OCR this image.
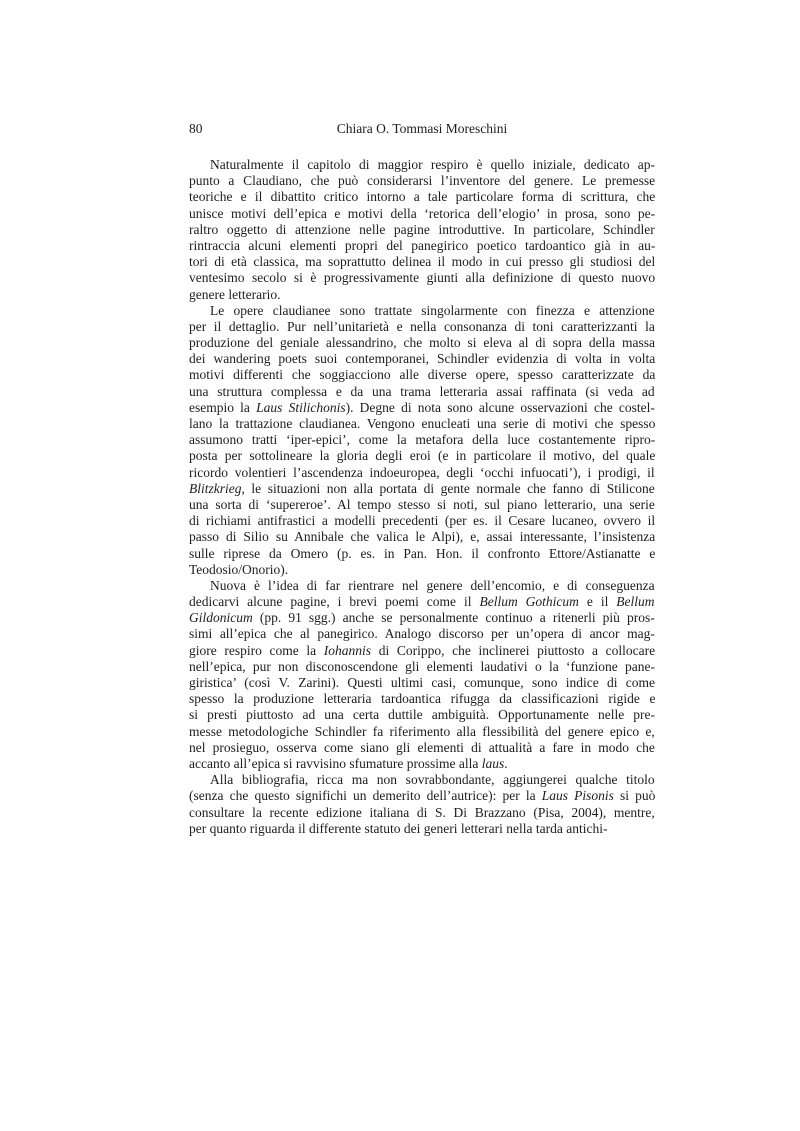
80	Chiara O. Tommasi Moreschini
Naturalmente il capitolo di maggior respiro è quello iniziale, dedicato ap-
punto a Claudiano, che può considerarsi l’inventore del genere. Le premesse
teoriche e il dibattito critico intorno a tale particolare forma di scrittura, che
unisce motivi dell’epica e motivi della ‘retorica dell’elogio’ in prosa, sono pe-
raltro oggetto di attenzione nelle pagine introduttive. In particolare, Schindler
rintraccia alcuni elementi propri del panegirico poetico tardoantico già in au-
tori di età classica, ma soprattutto delinea il modo in cui presso gli studiosi del
ventesimo secolo si è progressivamente giunti alla definizione di questo nuovo
genere letterario.
Le opere claudianee sono trattate singolarmente con finezza e attenzione
per il dettaglio. Pur nell’unitarietà e nella consonanza di toni caratterizzanti la
produzione del geniale alessandrino, che molto si eleva al di sopra della massa
dei wandering poets suoi contemporanei, Schindler evidenzia di volta in volta
motivi differenti che soggiacciono alle diverse opere, spesso caratterizzate da
una struttura complessa e da una trama letteraria assai raffinata (si veda ad
esempio la Laus Stilichonis). Degne di nota sono alcune osservazioni che costel-
lano la trattazione claudianea. Vengono enucleati una serie di motivi che spesso
assumono tratti ‘iper-epici’, come la metafora della luce costantemente ripro-
posta per sottolineare la gloria degli eroi (e in particolare il motivo, del quale
ricordo volentieri l’ascendenza indoeuropea, degli ‘occhi infuocati’), i prodigi, il
Blitzkrieg, le situazioni non alla portata di gente normale che fanno di Stilicone
una sorta di ‘supereroe’. Al tempo stesso si noti, sul piano letterario, una serie
di richiami antifrastici a modelli precedenti (per es. il Cesare lucaneo, ovvero il
passo di Silio su Annibale che valica le Alpi), e, assai interessante, l’insistenza
sulle riprese da Omero (p. es. in Pan. Hon. il confronto Ettore/Astianatte e
Teodosio/Onorio).
Nuova è l’idea di far rientrare nel genere dell’encomio, e di conseguenza
dedicarvi alcune pagine, i brevi poemi come il Bellum Gothicum e il Bellum
Gildonicum (pp. 91 sgg.) anche se personalmente continuo a ritenerli più pros-
simi all’epica che al panegirico. Analogo discorso per un’opera di ancor mag-
giore respiro come la Iohannis di Corippo, che inclinerei piuttosto a collocare
nell’epica, pur non disconoscendone gli elementi laudativi o la ‘funzione pane-
giristica’ (così V. Zarini). Questi ultimi casi, comunque, sono indice di come
spesso la produzione letteraria tardoantica rifugga da classificazioni rigide e
si presti piuttosto ad una certa duttile ambiguità. Opportunamente nelle pre-
messe metodologiche Schindler fa riferimento alla flessibilità del genere epico e,
nel prosieguo, osserva come siano gli elementi di attualità a fare in modo che
accanto all’epica si ravvisino sfumature prossime alla laus.
Alla bibliografia, ricca ma non sovrabbondante, aggiungerei qualche titolo
(senza che questo significhi un demerito dell’autrice): per la Laus Pisonis si può
consultare la recente edizione italiana di S. Di Brazzano (Pisa, 2004), mentre,
per quanto riguarda il differente statuto dei generi letterari nella tarda antichi-
